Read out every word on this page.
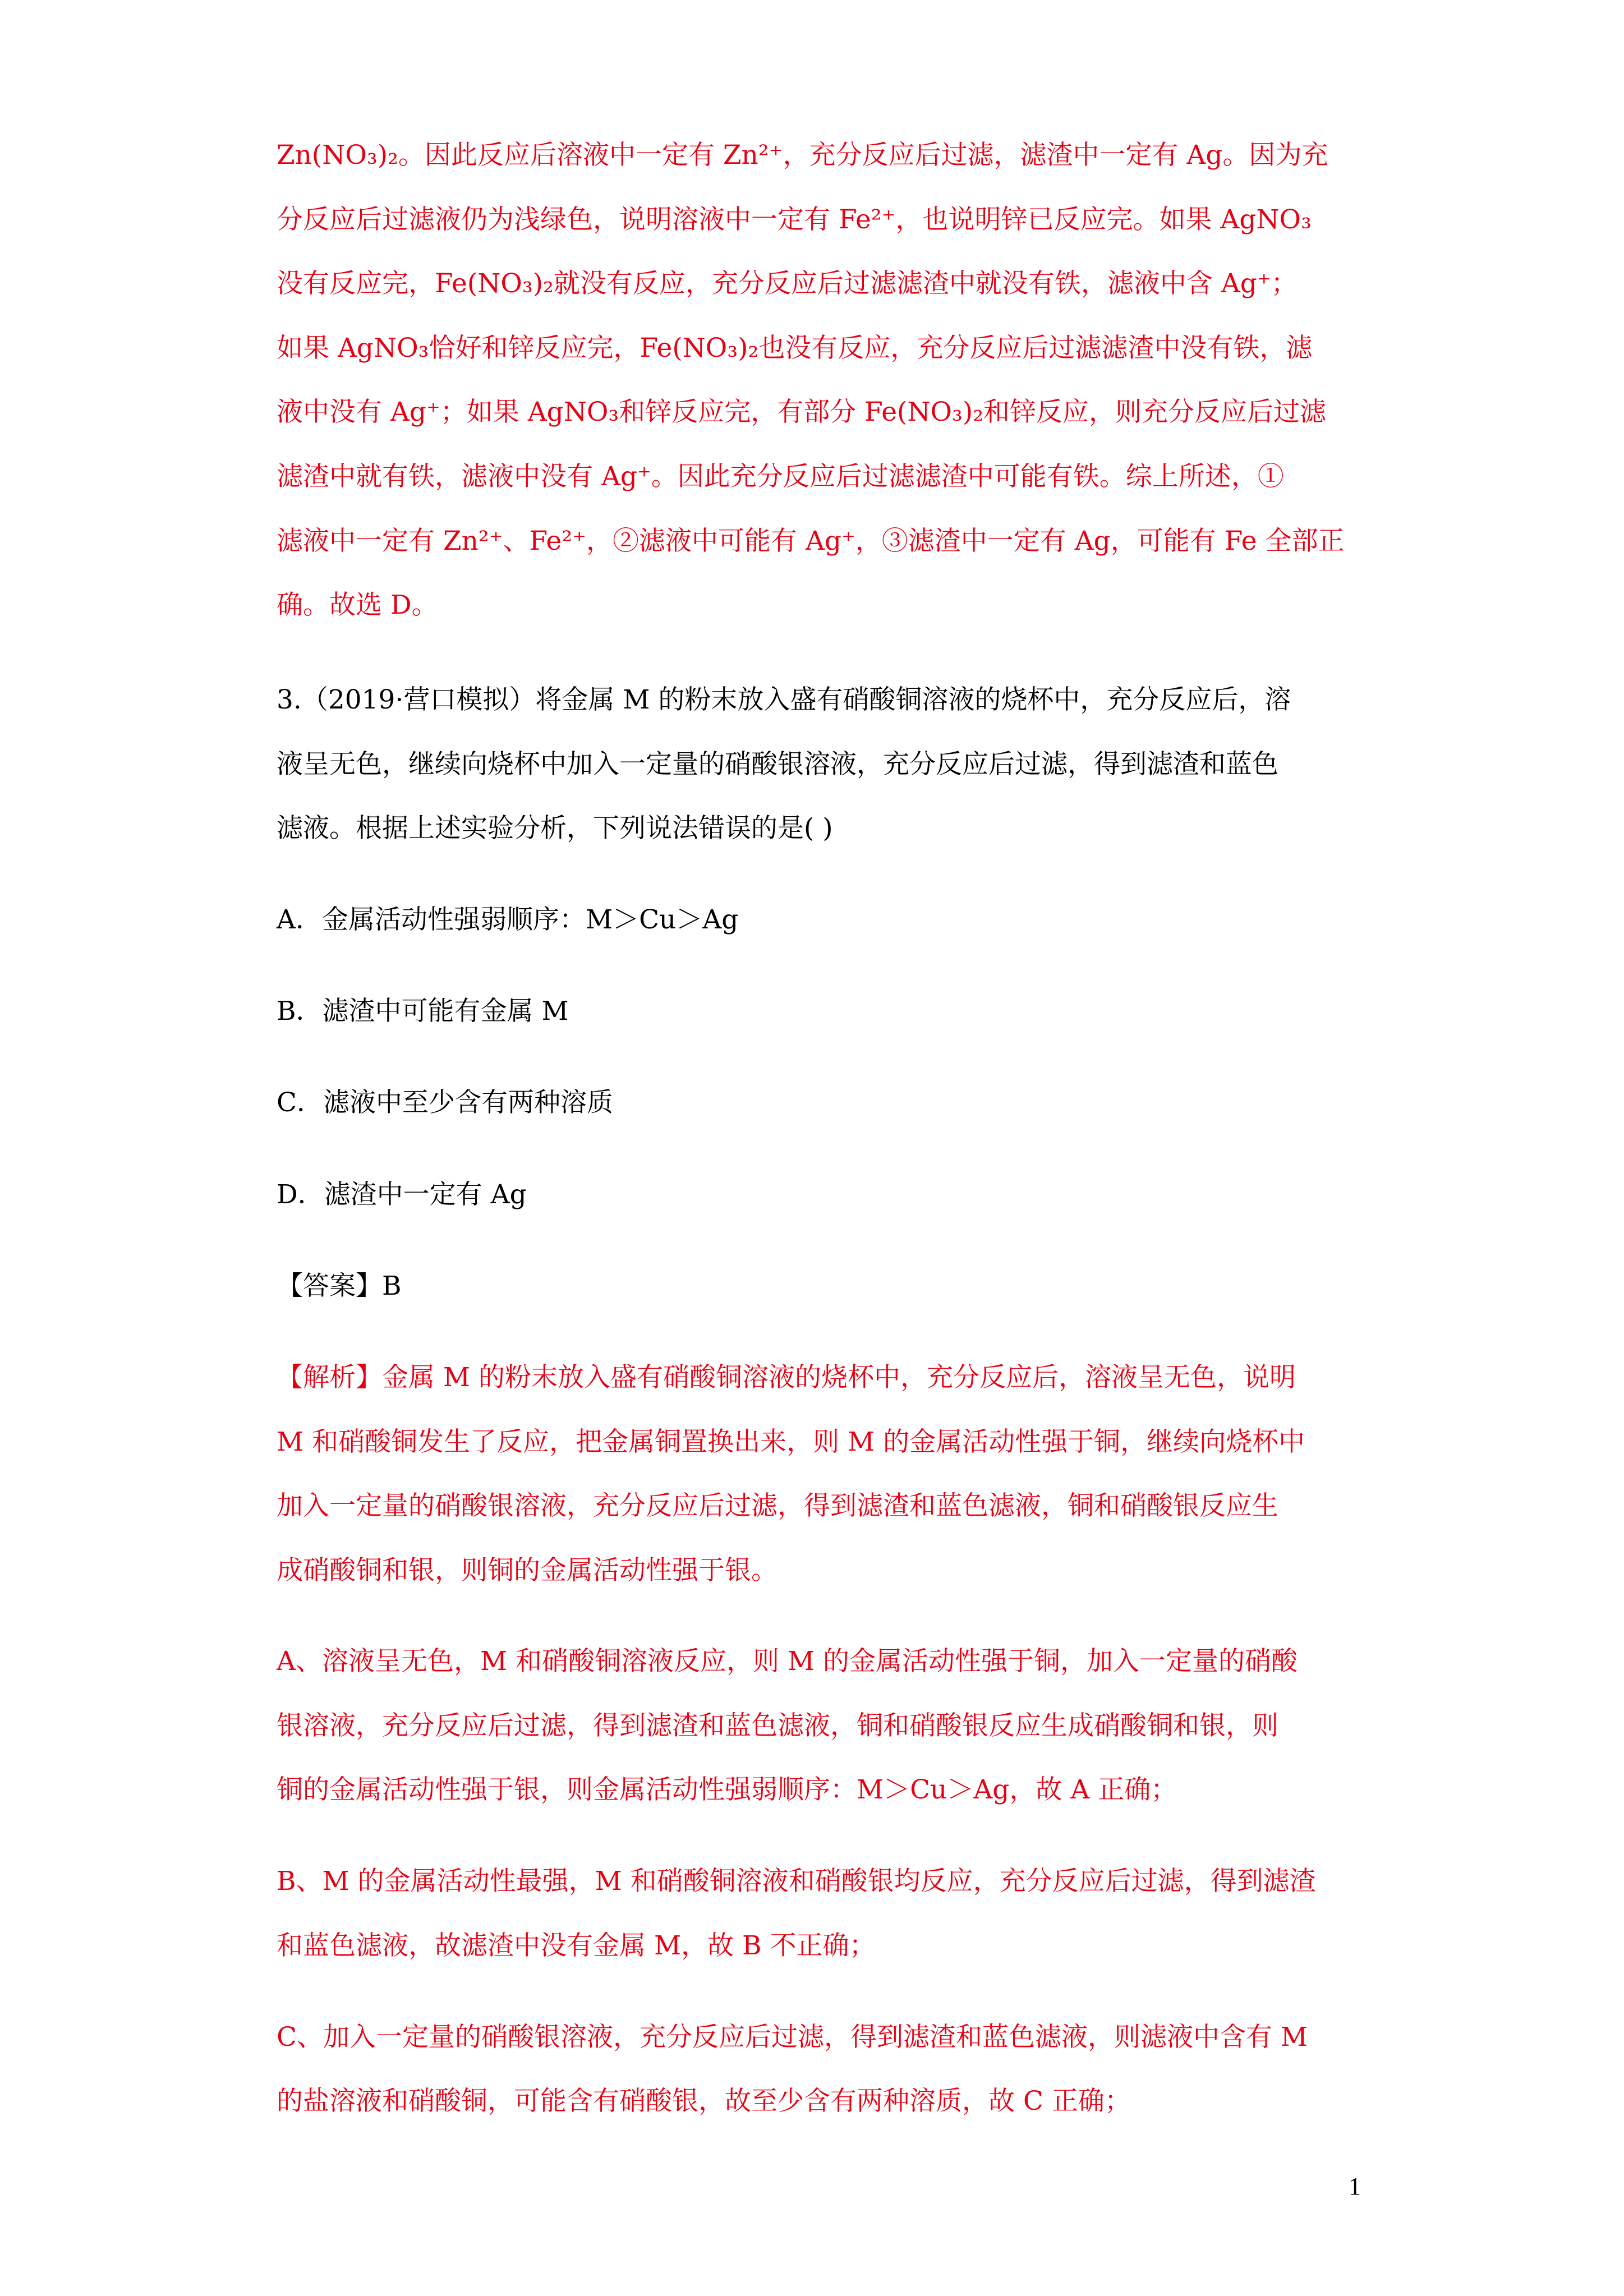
Zn(NO₃)₂。因此反应后溶液中一定有 Zn²⁺，充分反应后过滤，滤渣中一定有 Ag。因为充
分反应后过滤液仍为浅绿色，说明溶液中一定有 Fe²⁺，也说明锌已反应完。如果 AgNO₃
没有反应完，Fe(NO₃)₂就没有反应，充分反应后过滤滤渣中就没有铁，滤液中含 Ag⁺；
如果 AgNO₃恰好和锌反应完，Fe(NO₃)₂也没有反应，充分反应后过滤滤渣中没有铁，滤
液中没有 Ag⁺；如果 AgNO₃和锌反应完，有部分 Fe(NO₃)₂和锌反应，则充分反应后过滤
滤渣中就有铁，滤液中没有 Ag⁺。因此充分反应后过滤滤渣中可能有铁。综上所述，①
滤液中一定有 Zn²⁺、Fe²⁺，②滤液中可能有 Ag⁺，③滤渣中一定有 Ag，可能有 Fe 全部正
确。故选 D。
3.（2019·营口模拟）将金属 M 的粉末放入盛有硝酸铜溶液的烧杯中，充分反应后，溶
液呈无色，继续向烧杯中加入一定量的硝酸银溶液，充分反应后过滤，得到滤渣和蓝色
滤液。根据上述实验分析，下列说法错误的是( )
A．金属活动性强弱顺序：M＞Cu＞Ag
B．滤渣中可能有金属 M
C．滤液中至少含有两种溶质
D．滤渣中一定有 Ag
【答案】B
【解析】金属 M 的粉末放入盛有硝酸铜溶液的烧杯中，充分反应后，溶液呈无色，说明
M 和硝酸铜发生了反应，把金属铜置换出来，则 M 的金属活动性强于铜，继续向烧杯中
加入一定量的硝酸银溶液，充分反应后过滤，得到滤渣和蓝色滤液，铜和硝酸银反应生
成硝酸铜和银，则铜的金属活动性强于银。
A、溶液呈无色，M 和硝酸铜溶液反应，则 M 的金属活动性强于铜，加入一定量的硝酸
银溶液，充分反应后过滤，得到滤渣和蓝色滤液，铜和硝酸银反应生成硝酸铜和银，则
铜的金属活动性强于银，则金属活动性强弱顺序：M＞Cu＞Ag，故 A 正确；
B、M 的金属活动性最强，M 和硝酸铜溶液和硝酸银均反应，充分反应后过滤，得到滤渣
和蓝色滤液，故滤渣中没有金属 M，故 B 不正确；
C、加入一定量的硝酸银溶液，充分反应后过滤，得到滤渣和蓝色滤液，则滤液中含有 M
的盐溶液和硝酸铜，可能含有硝酸银，故至少含有两种溶质，故 C 正确；
1
